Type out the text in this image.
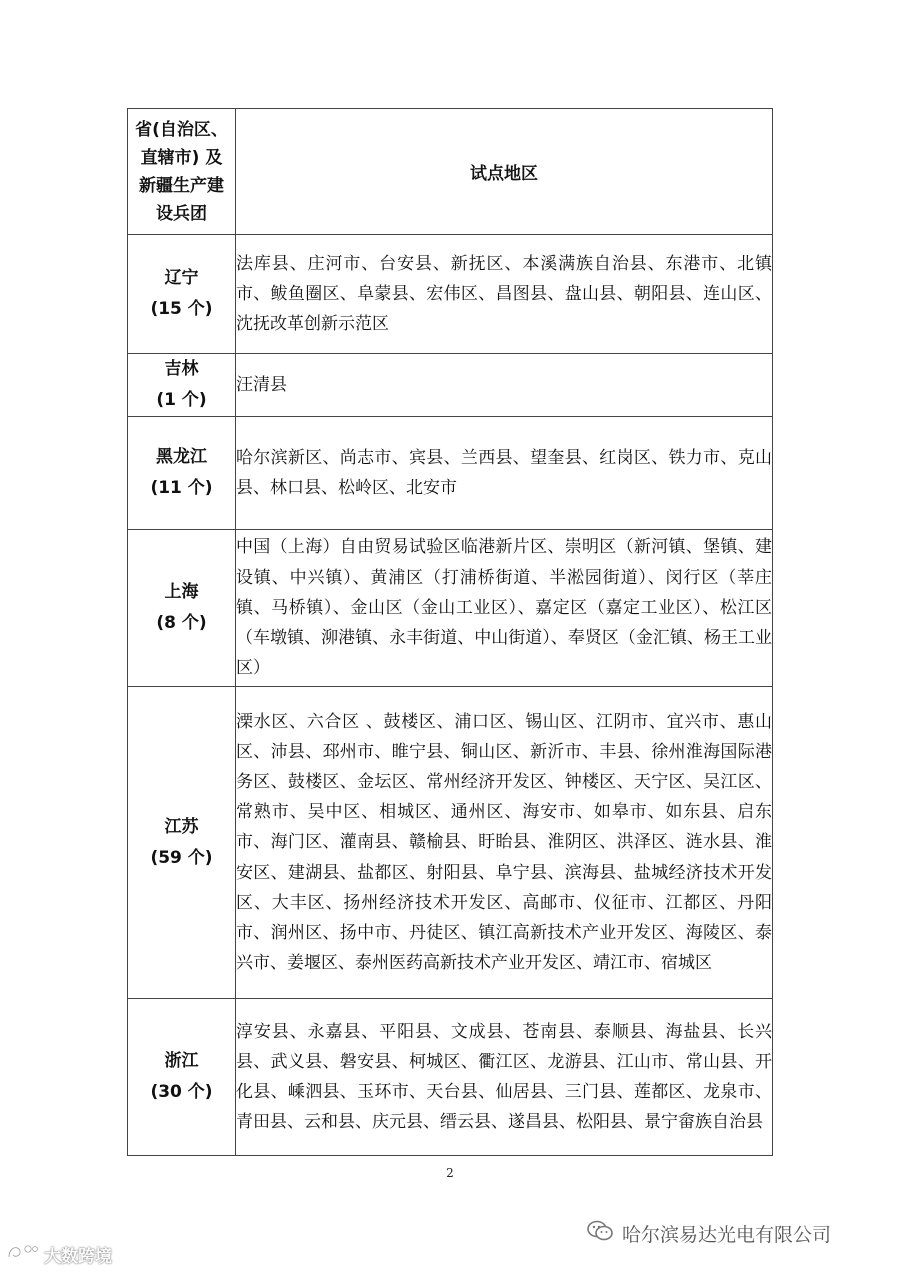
省(自治区、
直辖市) 及
新疆生产建
设兵团	试点地区

辽宁
(15 个)	法库县、庄河市、台安县、新抚区、本溪满族自治县、东港市、北镇市、鲅鱼圈区、阜蒙县、宏伟区、昌图县、盘山县、朝阳县、连山区、沈抚改革创新示范区

吉林
(1 个)	汪清县

黑龙江
(11 个)	哈尔滨新区、尚志市、宾县、兰西县、望奎县、红岗区、铁力市、克山县、林口县、松岭区、北安市

上海
(8 个)	中国（上海）自由贸易试验区临港新片区、崇明区（新河镇、堡镇、建设镇、中兴镇）、黄浦区（打浦桥街道、半淞园街道）、闵行区（莘庄镇、马桥镇）、金山区（金山工业区）、嘉定区（嘉定工业区）、松江区（车墩镇、泖港镇、永丰街道、中山街道）、奉贤区（金汇镇、杨王工业区）

江苏
(59 个)	溧水区、六合区 、鼓楼区、浦口区、锡山区、江阴市、宜兴市、惠山区、沛县、邳州市、睢宁县、铜山区、新沂市、丰县、徐州淮海国际港务区、鼓楼区、金坛区、常州经济开发区、钟楼区、天宁区、吴江区、常熟市、吴中区、相城区、通州区、海安市、如皋市、如东县、启东市、海门区、灌南县、赣榆县、盱眙县、淮阴区、洪泽区、涟水县、淮安区、建湖县、盐都区、射阳县、阜宁县、滨海县、盐城经济技术开发区、大丰区、扬州经济技术开发区、高邮市、仪征市、江都区、丹阳市、润州区、扬中市、丹徒区、镇江高新技术产业开发区、海陵区、泰兴市、姜堰区、泰州医药高新技术产业开发区、靖江市、宿城区

浙江
(30 个)	淳安县、永嘉县、平阳县、文成县、苍南县、泰顺县、海盐县、长兴县、武义县、磐安县、柯城区、衢江区、龙游县、江山市、常山县、开化县、嵊泗县、玉环市、天台县、仙居县、三门县、莲都区、龙泉市、青田县、云和县、庆元县、缙云县、遂昌县、松阳县、景宁畲族自治县
2
哈尔滨易达光电有限公司
大数跨境
